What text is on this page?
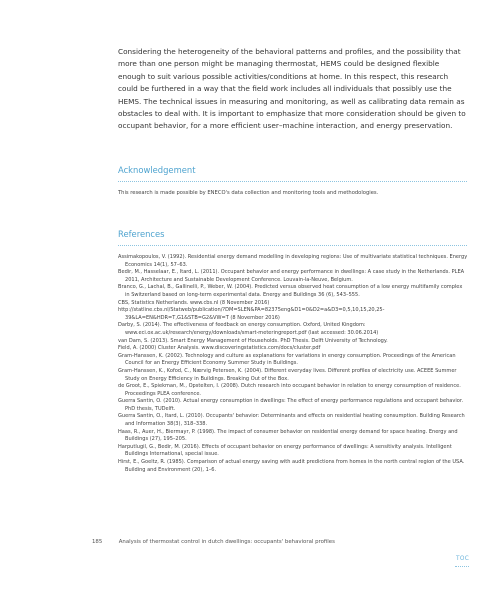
Considering the heterogeneity of the behavioral patterns and profiles, and the possibility that more than one person might be managing thermostat, HEMS could be designed flexible enough to suit various possible activities/conditions at home. In this respect, this research could be furthered in a way that the field work includes all individuals that possibly use the HEMS. The technical issues in measuring and monitoring, as well as calibrating data remain as obstacles to deal with. It is important to emphasize that more consideration should be given to occupant behavior, for a more efficient user–machine interaction, and energy preservation.

Acknowledgement

This research is made possible by ENECO's data collection and monitoring tools and methodologies.

References
Assimakopoulos, V. (1992). Residential energy demand modelling in developing regions: Use of multivariate statistical techniques. Energy Economics 14(1), 57–63.
Bedir, M., Hasselaar, E., Itard, L. (2011). Occupant behavior and energy performance in dwellings: A case study in the Netherlands. PLEA 2011, Architecture and Sustainable Development Conference. Louvain-la-Neuve, Belgium.
Branco, G., Lachal, B., Gallinelli, P., Weber, W. (2004). Predicted versus observed heat consumption of a low energy multifamily complex in Switzerland based on long-term experimental data. Energy and Buildings 36 (6), 543–555.
CBS, Statistics Netherlands. www.cbs.nl (8 November 2016)
http://statline.cbs.nl/Statweb/publication/?DM=SLEN&PA=82375eng&D1=0&D2=a&D3=0,5,10,15,20,25-39&LA=EN&HDR=T,G1&STB=G2&VW=T (8 November 2016)
Darby, S. (2014). The effectiveness of feedback on energy consumption. Oxford, United Kingdom: www.eci.ox.ac.uk/research/energy/downloads/smart-meteringreport.pdf (last accessed: 30.06.2014)
van Dam, S. (2013). Smart Energy Management of Households. PhD Thesis. Delft University of Technology.
Field, A. (2000) Cluster Analysis. www.discoveringstatistics.com/docs/cluster.pdf
Gram-Hanssen, K. (2002). Technology and culture as explanations for variations in energy consumption. Proceedings of the American Council for an Energy Efficient Economy Summer Study in Buildings.
Gram-Hanssen, K., Kofod, C., Nærvig Petersen, K. (2004). Different everyday lives. Different profiles of electricity use. ACEEE Summer Study on Energy Efficiency in Buildings. Breaking Out of the Box.
de Groot, E., Spiekman, M., Opstelten, I. (2008). Dutch research into occupant behavior in relation to energy consumption of residence. Proceedings PLEA conference.
Guerra Santin, O. (2010). Actual energy consumption in dwellings: The effect of energy performance regulations and occupant behavior. PhD thesis, TUDelft.
Guerra Santin, O., Itard, L. (2010). Occupants' behavior: Determinants and effects on residential heating consumption. Building Research and Information 38(3), 318–338.
Haas, R., Auer, H., Biermayr, P. (1998). The impact of consumer behavior on residential energy demand for space heating. Energy and Buildings (27), 195–205.
Harputlugil, G., Bedir, M. (2016). Effects of occupant behavior on energy performance of dwellings: A sensitivity analysis. Intelligent Buildings International, special issue.
Hirst, E., Goeltz, R. (1985). Comparison of actual energy saving with audit predictions from homes in the north central region of the USA. Building and Environment (20), 1–6.
185	Analysis of thermostat control in dutch dwellings: occupants' behavioral profiles
TOC
